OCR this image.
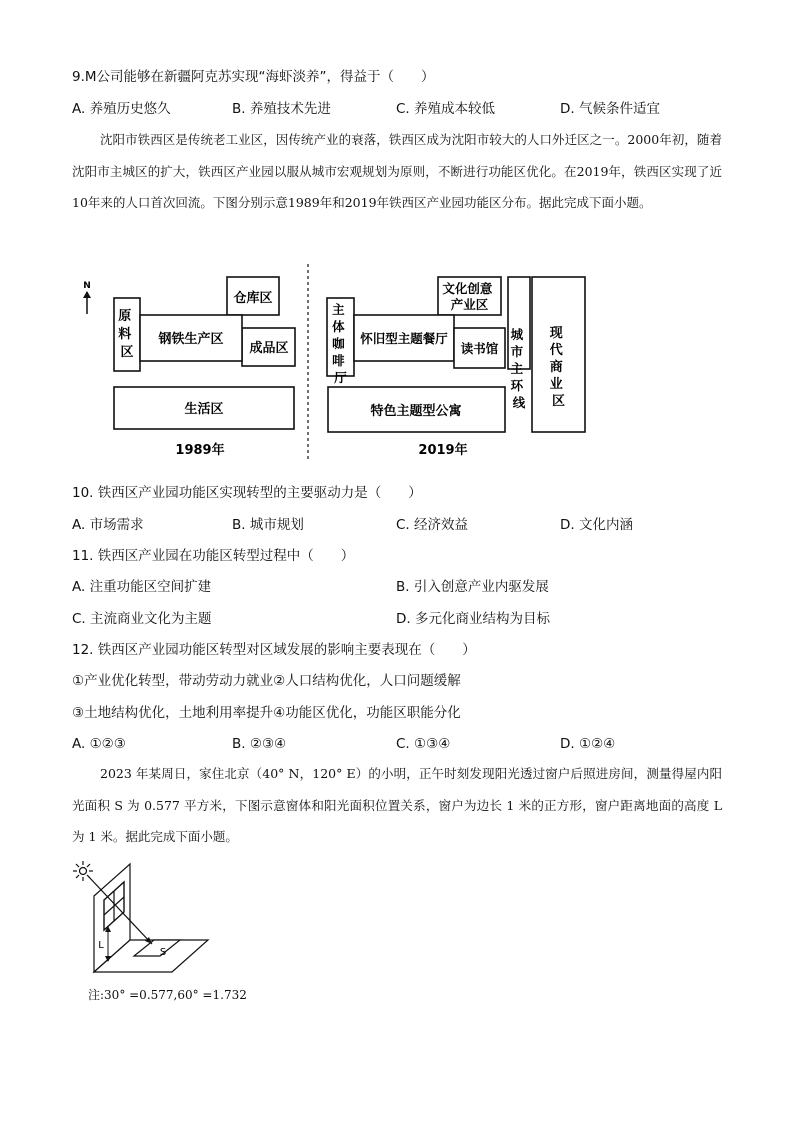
9.M公司能够在新疆阿克苏实现“海虾淡养”，得益于（　　）
A. 养殖历史悠久	B. 养殖技术先进	C. 养殖成本较低	D. 气候条件适宜
沈阳市铁西区是传统老工业区，因传统产业的衰落，铁西区成为沈阳市较大的人口外迁区之一。2000年初，随着沈阳市主城区的扩大，铁西区产业园以服从城市宏观规划为原则，不断进行功能区优化。在2019年，铁西区实现了近10年来的人口首次回流。下图分别示意1989年和2019年铁西区产业园功能区分布。据此完成下面小题。
N
原 料 区
仓库区
成品区
钢铁生产区
生活区
1989年
主 体 咖 啡 厅
文化创意 产业区
怀旧型主题餐厅
读书馆
城 市 主 环 线
现 代 商 业 区
特色主题型公寓
2019年
10. 铁西区产业园功能区实现转型的主要驱动力是（　　）
A. 市场需求	B. 城市规划	C. 经济效益	D. 文化内涵
11. 铁西区产业园在功能区转型过程中（　　）
A. 注重功能区空间扩建	B. 引入创意产业内驱发展
C. 主流商业文化为主题	D. 多元化商业结构为目标
12. 铁西区产业园功能区转型对区域发展的影响主要表现在（　　）
①产业优化转型，带动劳动力就业②人口结构优化，人口问题缓解
③土地结构优化，土地利用率提升④功能区优化，功能区职能分化
A. ①②③	B. ②③④	C. ①③④	D. ①②④
2023 年某周日，家住北京（40° N，120° E）的小明，正午时刻发现阳光透过窗户后照进房间，测量得屋内阳光面积 S 为 0.577 平方米，下图示意窗体和阳光面积位置关系，窗户为边长 1 米的正方形，窗户距离地面的高度 L 为 1 米。据此完成下面小题。
L
S
注:30° =0.577,60° =1.732
